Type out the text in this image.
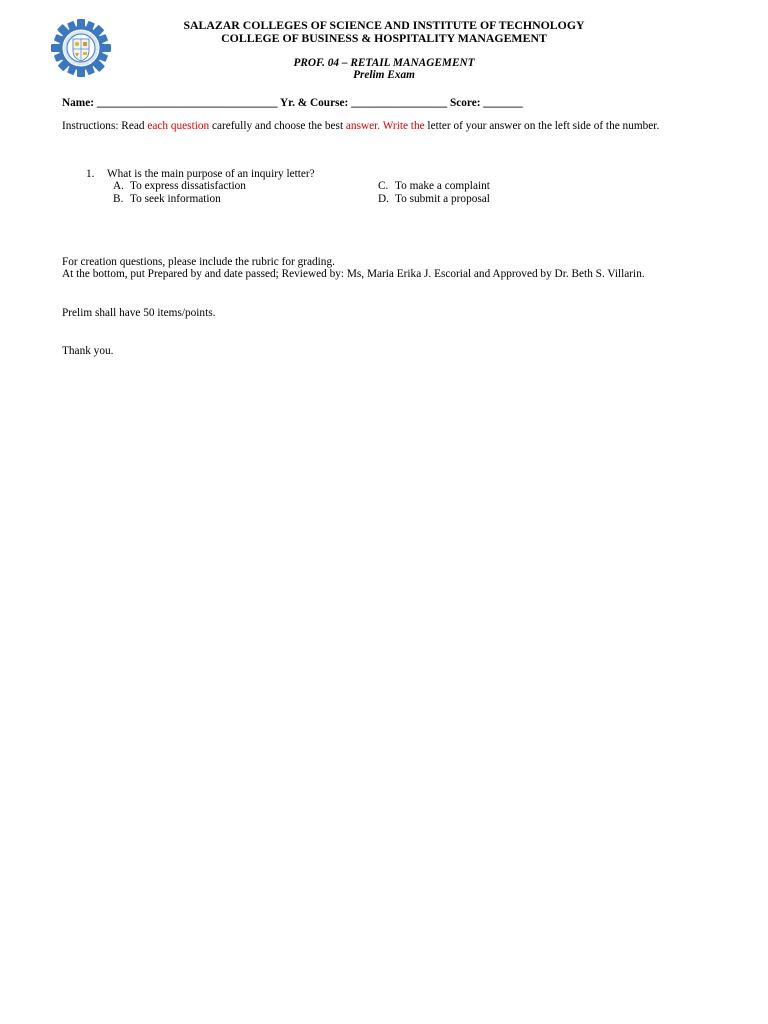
SALAZAR COLLEGES OF SCIENCE AND INSTITUTE OF TECHNOLOGY
COLLEGE OF BUSINESS & HOSPITALITY MANAGEMENT
PROF. 04 – RETAIL MANAGEMENT
Prelim Exam
Name: ________________________________ Yr. & Course: _________________ Score: _______
Instructions: Read each question carefully and choose the best answer. Write the letter of your answer on the left side of the number.
1. What is the main purpose of an inquiry letter?
A. To express dissatisfaction
B. To seek information
C. To make a complaint
D. To submit a proposal
For creation questions, please include the rubric for grading.
At the bottom, put Prepared by and date passed; Reviewed by: Ms, Maria Erika J. Escorial and Approved by Dr. Beth S. Villarin.
Prelim shall have 50 items/points.
Thank you.
